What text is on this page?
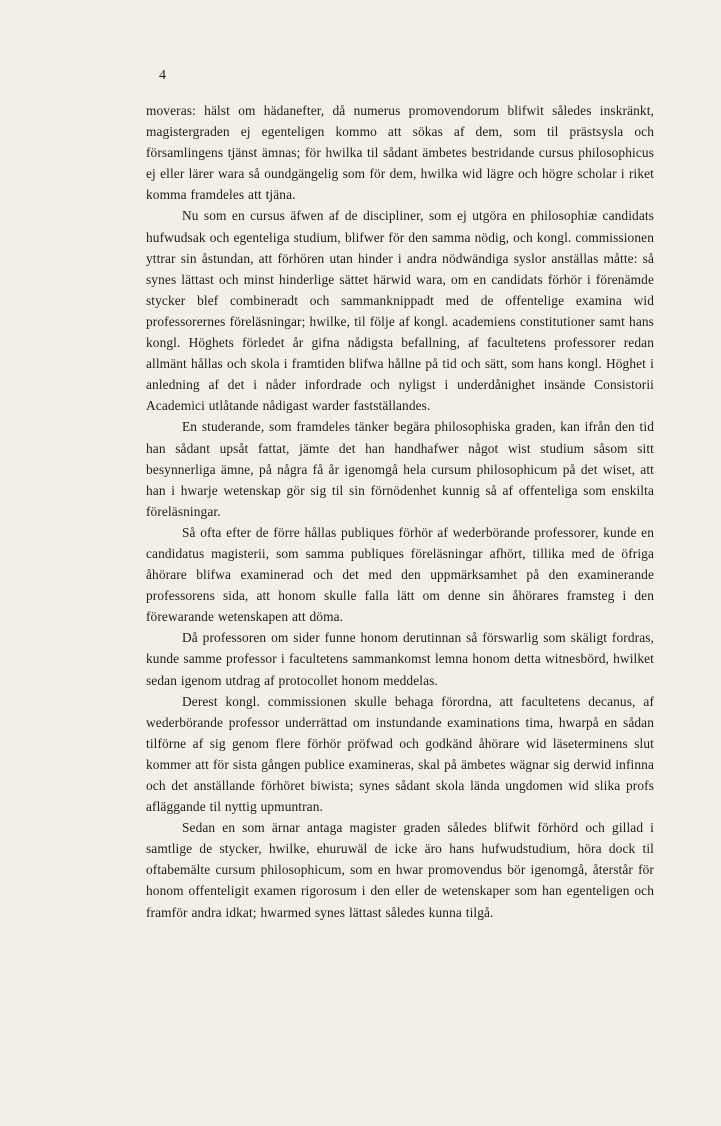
4

moveras: hälst om hädanefter, då numerus promovendorum blifwit således inskränkt, magistergraden ej egenteligen kommo att sökas af dem, som til prästsysla och församlingens tjänst ämnas; för hwilka til sådant ämbetes bestridande cursus philosophicus ej eller lärer wara så oundgängelig som för dem, hwilka wid lägre och högre scholar i riket komma framdeles att tjäna.

Nu som en cursus äfwen af de discipliner, som ej utgöra en philosophiæ candidats hufwudsak och egenteliga studium, blifwer för den samma nödig, och kongl. commissionen yttrar sin åstundan, att förhören utan hinder i andra nödwändiga syslor anställas måtte: så synes lättast och minst hinderlige sättet härwid wara, om en candidats förhör i förenämde stycker blef combineradt och sammanknippadt med de offentelige examina wid professorernes föreläsningar; hwilke, til följe af kongl. academiens constitutioner samt hans kongl. Höghets förledet år gifna nådigsta befallning, af facultetens professorer redan allmänt hållas och skola i framtiden blifwa hållne på tid och sätt, som hans kongl. Höghet i anledning af det i nåder infordrade och nyligst i underdånighet insände Consistorii Academici utlåtande nådigast warder fastställandes.

En studerande, som framdeles tänker begära philosophiska graden, kan ifrån den tid han sådant upsåt fattat, jämte det han handhafwer något wist studium såsom sitt besynnerliga ämne, på några få år igenomgå hela cursum philosophicum på det wiset, att han i hwarje wetenskap gör sig til sin förnödenhet kunnig så af offenteliga som enskilta föreläsningar.

Så ofta efter de förre hållas publiques förhör af wederbörande professorer, kunde en candidatus magisterii, som samma publiques föreläsningar afhört, tillika med de öfriga åhörare blifwa examinerad och det med den uppmärksamhet på den examinerande professorens sida, att honom skulle falla lätt om denne sin åhörares framsteg i den förewarande wetenskapen att döma.

Då professoren om sider funne honom derutinnan så förswarlig som skäligt fordras, kunde samme professor i facultetens sammankomst lemna honom detta witnesbörd, hwilket sedan igenom utdrag af protocollet honom meddelas.

Derest kongl. commissionen skulle behaga förordna, att facultetens decanus, af wederbörande professor underrättad om instundande examinations tima, hwarpå en sådan tilförne af sig genom flere förhör pröfwad och godkänd åhörare wid läseterminens slut kommer att för sista gången publice examineras, skal på ämbetes wägnar sig derwid infinna och det anställande förhöret biwista; synes sådant skola lända ungdomen wid slika profs afläggande til nyttig upmuntran.

Sedan en som ärnar antaga magister graden således blifwit förhörd och gillad i samtlige de stycker, hwilke, ehuruwäl de icke äro hans hufwudstudium, höra dock til oftabemälte cursum philosophicum, som en hwar promovendus bör igenomgå, återstår för honom offenteligit examen rigorosum i den eller de wetenskaper som han egenteligen och framför andra idkat; hwarmed synes lättast således kunna tilgå.
